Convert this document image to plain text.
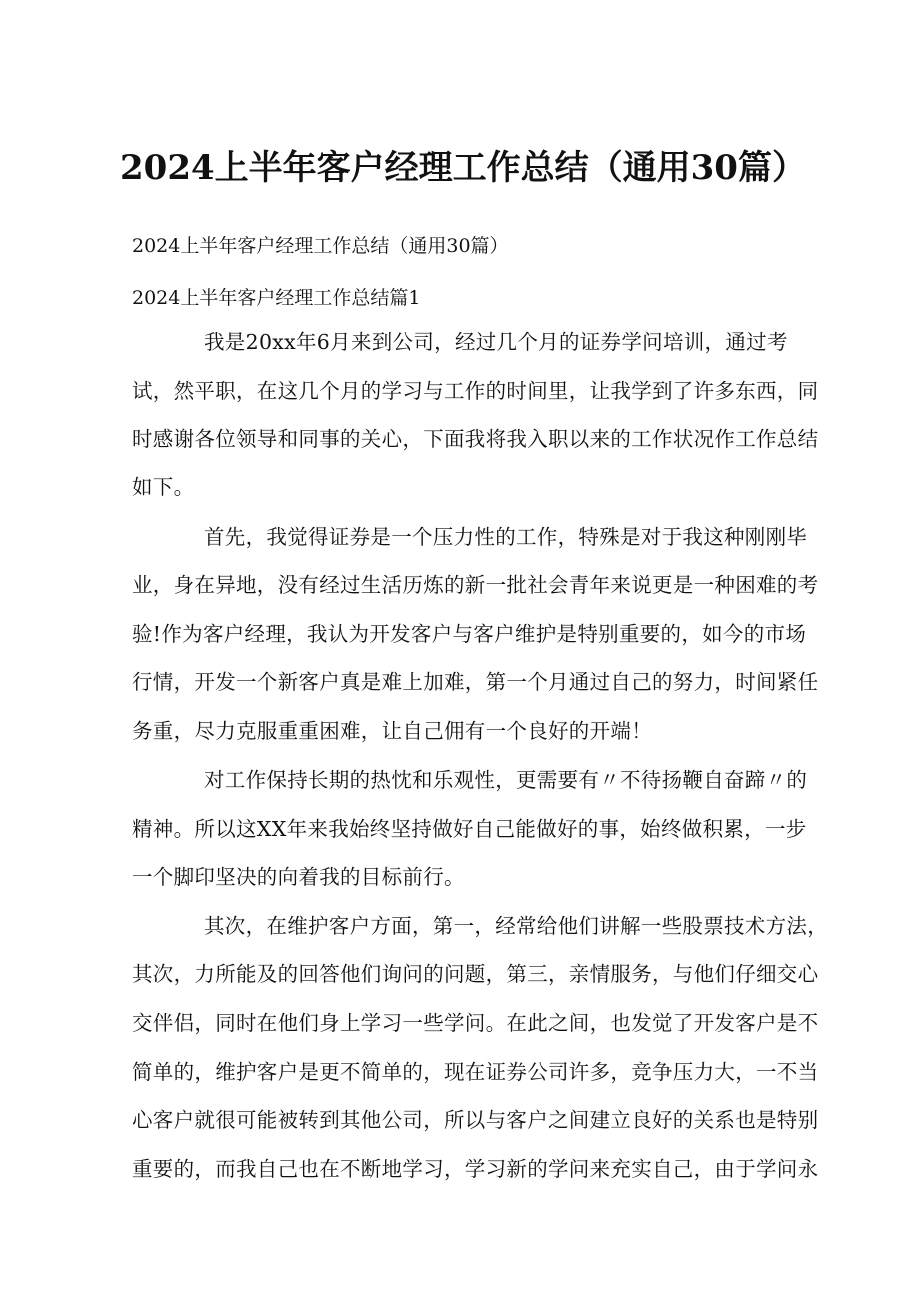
2024上半年客户经理工作总结（通用30篇）

2024上半年客户经理工作总结（通用30篇）

2024上半年客户经理工作总结篇1

我是20xx年6月来到公司，经过几个月的证券学问培训，通过考

试，然平职，在这几个月的学习与工作的时间里，让我学到了许多东西，同

时感谢各位领导和同事的关心，下面我将我入职以来的工作状况作工作总结

如下。

首先，我觉得证券是一个压力性的工作，特殊是对于我这种刚刚毕

业，身在异地，没有经过生活历炼的新一批社会青年来说更是一种困难的考

验!作为客户经理，我认为开发客户与客户维护是特别重要的，如今的市场

行情，开发一个新客户真是难上加难，第一个月通过自己的努力，时间紧任

务重，尽力克服重重困难，让自己佣有一个良好的开端！

对工作保持长期的热忱和乐观性，更需要有〃不待扬鞭自奋蹄〃的

精神。所以这XX年来我始终坚持做好自己能做好的事，始终做积累，一步

一个脚印坚决的向着我的目标前行。

其次，在维护客户方面，第一，经常给他们讲解一些股票技术方法，

其次，力所能及的回答他们询问的问题，第三，亲情服务，与他们仔细交心

交伴侣，同时在他们身上学习一些学问。在此之间，也发觉了开发客户是不

简单的，维护客户是更不简单的，现在证券公司许多，竞争压力大，一不当

心客户就很可能被转到其他公司，所以与客户之间建立良好的关系也是特别

重要的，而我自己也在不断地学习，学习新的学问来充实自己，由于学问永
